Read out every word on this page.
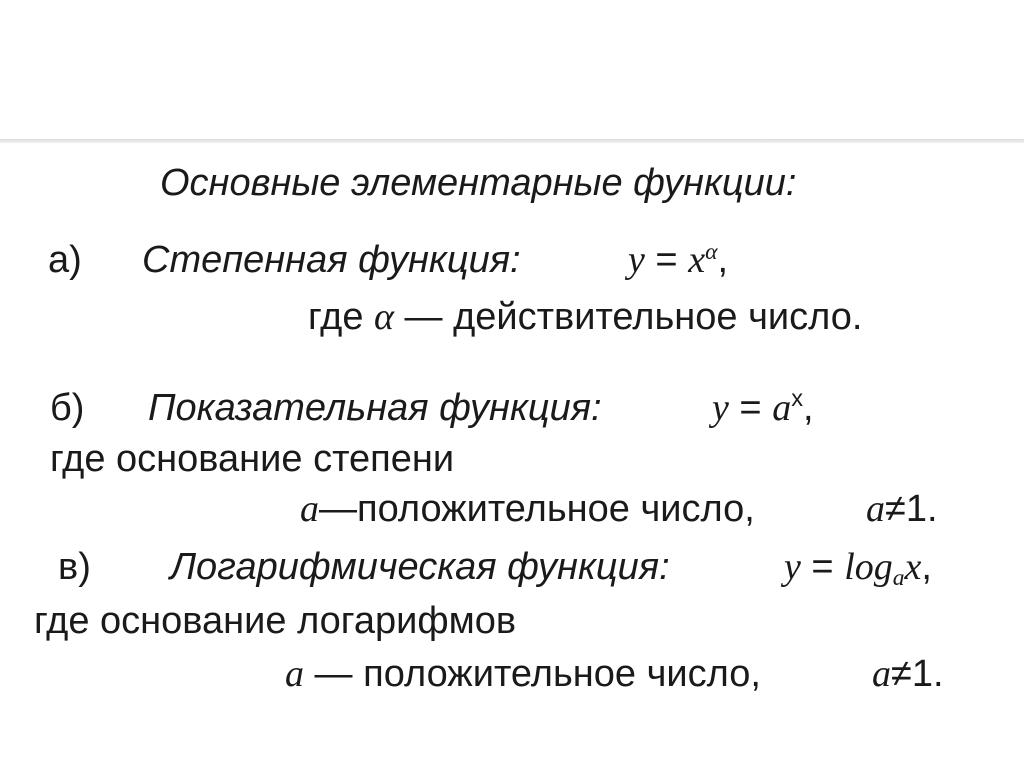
Основные элементарные функции:
а) Степенная функция:	$y = x^\alpha$,
где α — действительное число.
б) Показательная функция:	$y = a^x$,
где основание степени
a—положительное число,	a≠1.
в) Логарифмическая функция:	$y = \log_ax$,
где основание логарифмов
a — положительное число,	a≠1.
